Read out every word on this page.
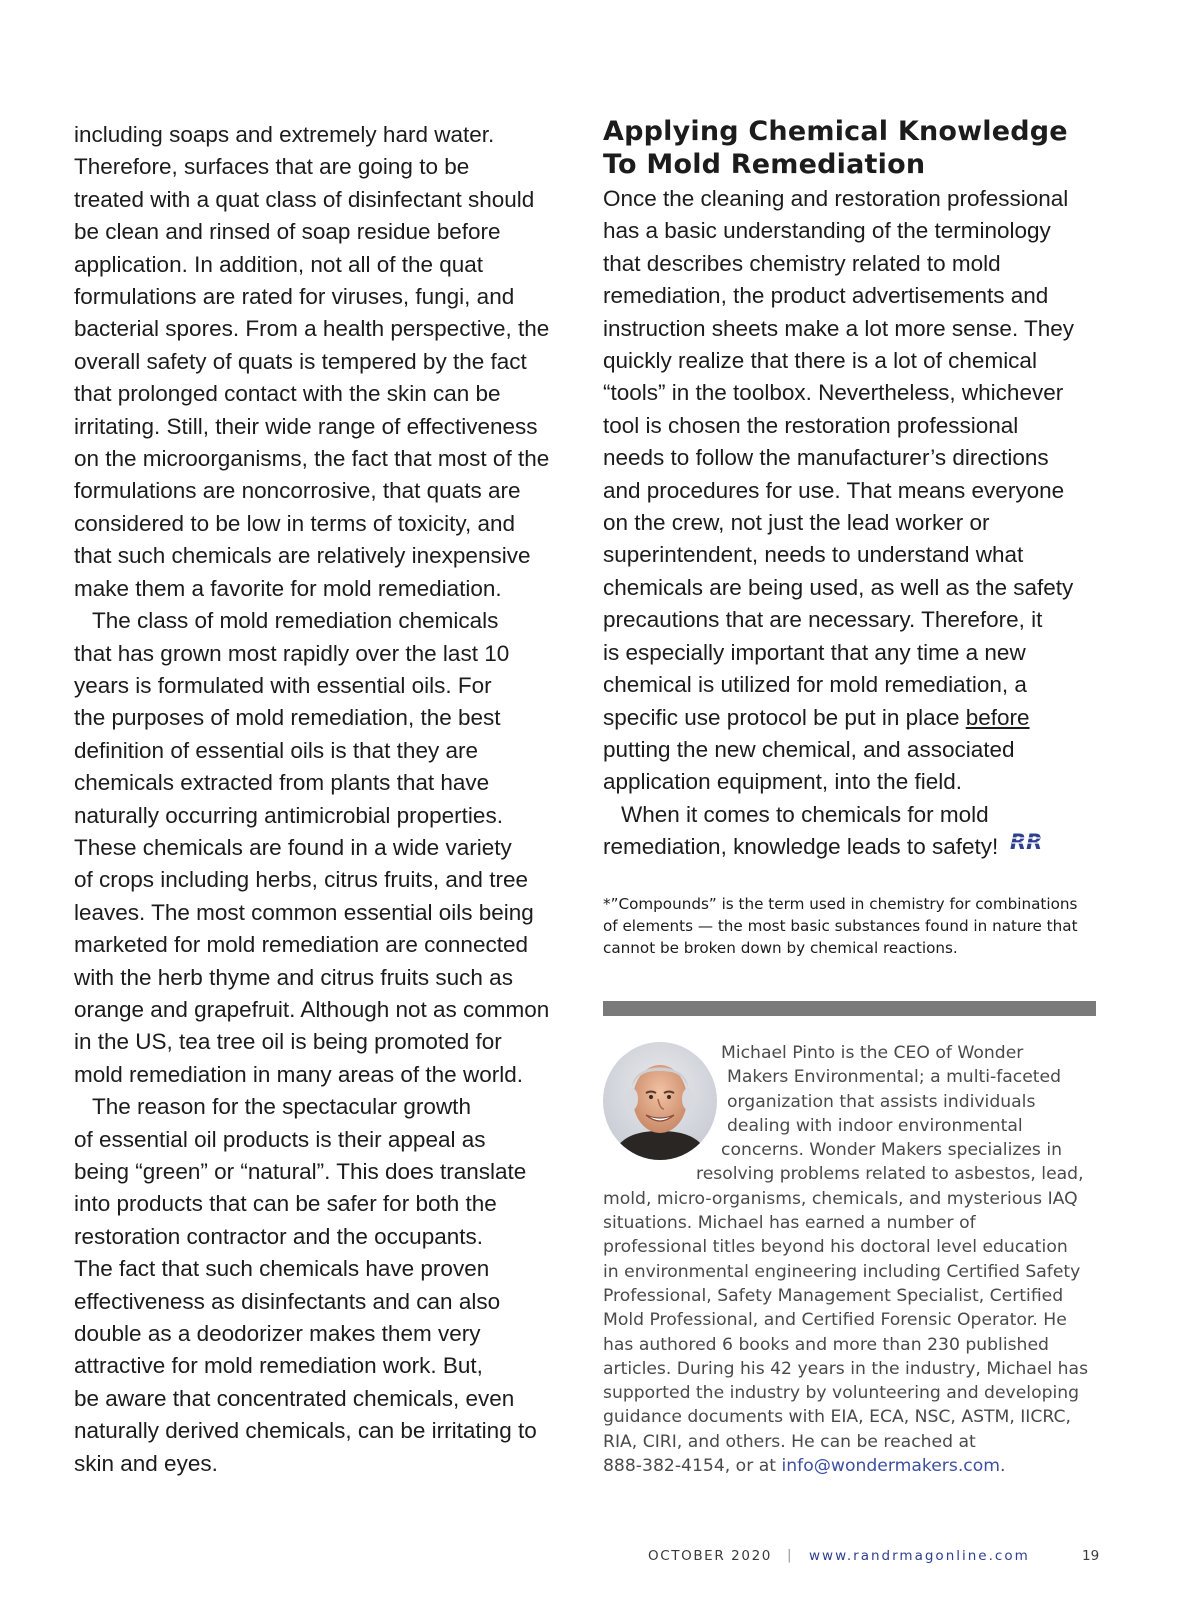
including soaps and extremely hard water.
Therefore, surfaces that are going to be
treated with a quat class of disinfectant should
be clean and rinsed of soap residue before
application. In addition, not all of the quat
formulations are rated for viruses, fungi, and
bacterial spores. From a health perspective, the
overall safety of quats is tempered by the fact
that prolonged contact with the skin can be
irritating. Still, their wide range of effectiveness
on the microorganisms, the fact that most of the
formulations are noncorrosive, that quats are
considered to be low in terms of toxicity, and
that such chemicals are relatively inexpensive
make them a favorite for mold remediation.
The class of mold remediation chemicals
that has grown most rapidly over the last 10
years is formulated with essential oils. For
the purposes of mold remediation, the best
definition of essential oils is that they are
chemicals extracted from plants that have
naturally occurring antimicrobial properties.
These chemicals are found in a wide variety
of crops including herbs, citrus fruits, and tree
leaves. The most common essential oils being
marketed for mold remediation are connected
with the herb thyme and citrus fruits such as
orange and grapefruit. Although not as common
in the US, tea tree oil is being promoted for
mold remediation in many areas of the world.
The reason for the spectacular growth
of essential oil products is their appeal as
being “green” or “natural”. This does translate
into products that can be safer for both the
restoration contractor and the occupants.
The fact that such chemicals have proven
effectiveness as disinfectants and can also
double as a deodorizer makes them very
attractive for mold remediation work. But,
be aware that concentrated chemicals, even
naturally derived chemicals, can be irritating to
skin and eyes.
Applying Chemical Knowledge
To Mold Remediation
Once the cleaning and restoration professional
has a basic understanding of the terminology
that describes chemistry related to mold
remediation, the product advertisements and
instruction sheets make a lot more sense. They
quickly realize that there is a lot of chemical
“tools” in the toolbox. Nevertheless, whichever
tool is chosen the restoration professional
needs to follow the manufacturer’s directions
and procedures for use. That means everyone
on the crew, not just the lead worker or
superintendent, needs to understand what
chemicals are being used, as well as the safety
precautions that are necessary. Therefore, it
is especially important that any time a new
chemical is utilized for mold remediation, a
specific use protocol be put in place before
putting the new chemical, and associated
application equipment, into the field.
When it comes to chemicals for mold
remediation, knowledge leads to safety! RR
*”Compounds” is the term used in chemistry for combinations
of elements — the most basic substances found in nature that
cannot be broken down by chemical reactions.
Michael Pinto is the CEO of Wonder
Makers Environmental; a multi-faceted
organization that assists individuals
dealing with indoor environmental
concerns. Wonder Makers specializes in
resolving problems related to asbestos, lead,
mold, micro-organisms, chemicals, and mysterious IAQ
situations. Michael has earned a number of
professional titles beyond his doctoral level education
in environmental engineering including Certified Safety
Professional, Safety Management Specialist, Certified
Mold Professional, and Certified Forensic Operator. He
has authored 6 books and more than 230 published
articles. During his 42 years in the industry, Michael has
supported the industry by volunteering and developing
guidance documents with EIA, ECA, NSC, ASTM, IICRC,
RIA, CIRI, and others. He can be reached at
888-382-4154, or at info@wondermakers.com.
OCTOBER 2020 | www.randrmagonline.com	19
